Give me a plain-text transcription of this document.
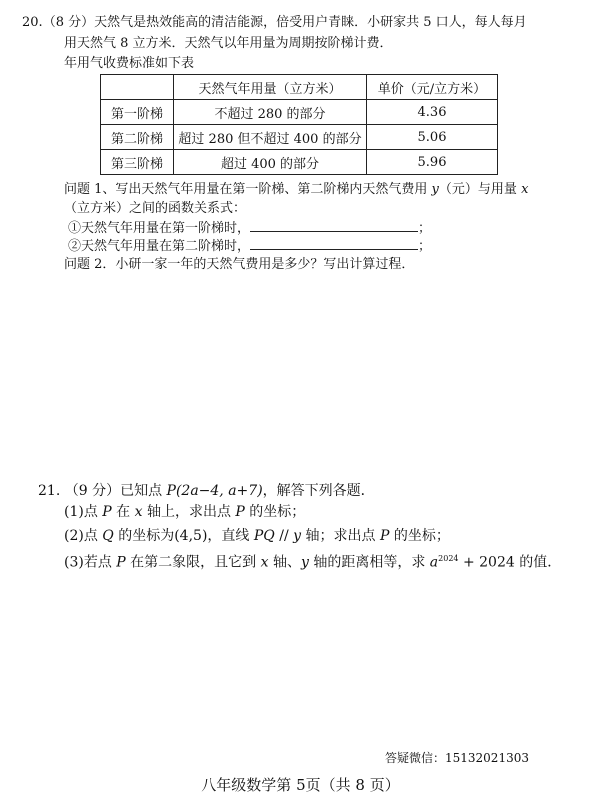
20.（8 分）天然气是热效能高的清洁能源，倍受用户青睐．小研家共 5 口人，每人每月
用天然气 8 立方米．天然气以年用量为周期按阶梯计费．
年用气收费标准如下表
	天然气年用量（立方米）	单价（元/立方米）
第一阶梯	不超过 280 的部分	4.36
第二阶梯	超过 280 但不超过 400 的部分	5.06
第三阶梯	超过 400 的部分	5.96
问题 1、写出天然气年用量在第一阶梯、第二阶梯内天然气费用 y（元）与用量 x
（立方米）之间的函数关系式：
①天然气年用量在第一阶梯时，	；
②天然气年用量在第二阶梯时，	；
问题 2．小研一家一年的天然气费用是多少？写出计算过程．
21. （9 分）已知点 P(2a−4, a+7)，解答下列各题．
(1)点 P 在 x 轴上，求出点 P 的坐标；
(2)点 Q 的坐标为(4,5)，直线 PQ // y 轴；求出点 P 的坐标；
(3)若点 P 在第二象限，且它到 x 轴、y 轴的距离相等，求 $a^{2024} + 2024$ 的值．
答疑微信：15132021303
八年级数学第 5页（共 8 页）
